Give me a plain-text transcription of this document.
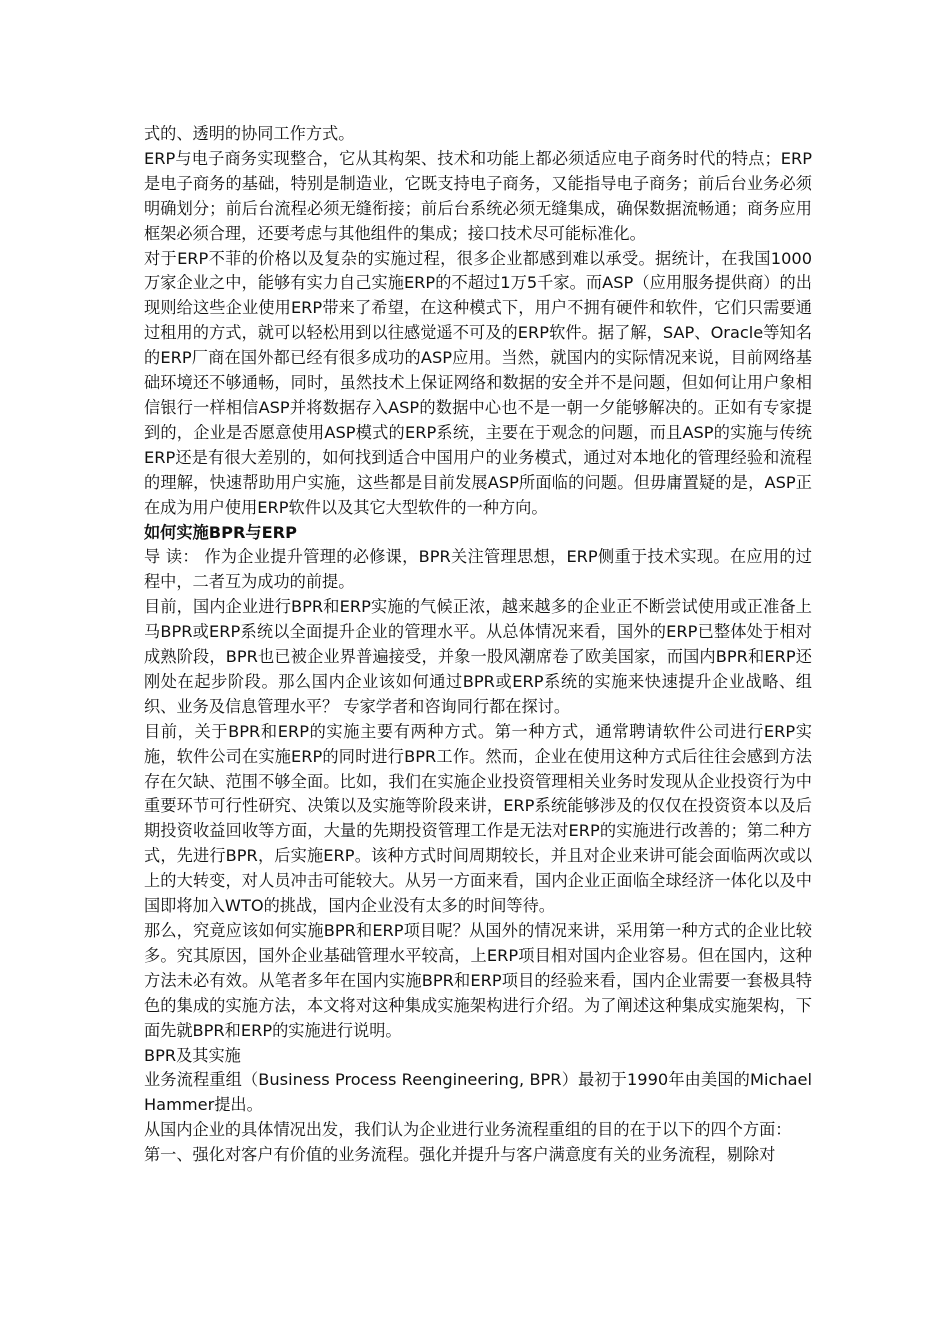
式的、透明的协同工作方式。

ERP与电子商务实现整合，它从其构架、技术和功能上都必须适应电子商务时代的特点；ERP是电子商务的基础，特别是制造业，它既支持电子商务，又能指导电子商务；前后台业务必须明确划分；前后台流程必须无缝衔接；前后台系统必须无缝集成，确保数据流畅通；商务应用框架必须合理，还要考虑与其他组件的集成；接口技术尽可能标准化。

对于ERP不菲的价格以及复杂的实施过程，很多企业都感到难以承受。据统计，在我国1000万家企业之中，能够有实力自己实施ERP的不超过1万5千家。而ASP（应用服务提供商）的出现则给这些企业使用ERP带来了希望，在这种模式下，用户不拥有硬件和软件，它们只需要通过租用的方式，就可以轻松用到以往感觉遥不可及的ERP软件。据了解，SAP、Oracle等知名的ERP厂商在国外都已经有很多成功的ASP应用。当然，就国内的实际情况来说，目前网络基础环境还不够通畅，同时，虽然技术上保证网络和数据的安全并不是问题，但如何让用户象相信银行一样相信ASP并将数据存入ASP的数据中心也不是一朝一夕能够解决的。正如有专家提到的，企业是否愿意使用ASP模式的ERP系统，主要在于观念的问题，而且ASP的实施与传统ERP还是有很大差别的，如何找到适合中国用户的业务模式，通过对本地化的管理经验和流程的理解，快速帮助用户实施，这些都是目前发展ASP所面临的问题。但毋庸置疑的是，ASP正在成为用户使用ERP软件以及其它大型软件的一种方向。

如何实施BPR与ERP

导 读： 作为企业提升管理的必修课，BPR关注管理思想，ERP侧重于技术实现。在应用的过程中，二者互为成功的前提。

目前，国内企业进行BPR和ERP实施的气候正浓，越来越多的企业正不断尝试使用或正准备上马BPR或ERP系统以全面提升企业的管理水平。从总体情况来看，国外的ERP已整体处于相对成熟阶段，BPR也已被企业界普遍接受，并象一股风潮席卷了欧美国家，而国内BPR和ERP还刚处在起步阶段。那么国内企业该如何通过BPR或ERP系统的实施来快速提升企业战略、组织、业务及信息管理水平？ 专家学者和咨询同行都在探讨。

目前，关于BPR和ERP的实施主要有两种方式。第一种方式，通常聘请软件公司进行ERP实施，软件公司在实施ERP的同时进行BPR工作。然而，企业在使用这种方式后往往会感到方法存在欠缺、范围不够全面。比如，我们在实施企业投资管理相关业务时发现从企业投资行为中重要环节可行性研究、决策以及实施等阶段来讲，ERP系统能够涉及的仅仅在投资资本以及后期投资收益回收等方面，大量的先期投资管理工作是无法对ERP的实施进行改善的；第二种方式，先进行BPR，后实施ERP。该种方式时间周期较长，并且对企业来讲可能会面临两次或以上的大转变，对人员冲击可能较大。从另一方面来看，国内企业正面临全球经济一体化以及中国即将加入WTO的挑战，国内企业没有太多的时间等待。

那么，究竟应该如何实施BPR和ERP项目呢？从国外的情况来讲，采用第一种方式的企业比较多。究其原因，国外企业基础管理水平较高，上ERP项目相对国内企业容易。但在国内，这种方法未必有效。从笔者多年在国内实施BPR和ERP项目的经验来看，国内企业需要一套极具特色的集成的实施方法，本文将对这种集成实施架构进行介绍。为了阐述这种集成实施架构，下面先就BPR和ERP的实施进行说明。

BPR及其实施

业务流程重组（Business Process Reengineering, BPR）最初于1990年由美国的Michael Hammer提出。

从国内企业的具体情况出发，我们认为企业进行业务流程重组的目的在于以下的四个方面：

第一、强化对客户有价值的业务流程。强化并提升与客户满意度有关的业务流程，剔除对
